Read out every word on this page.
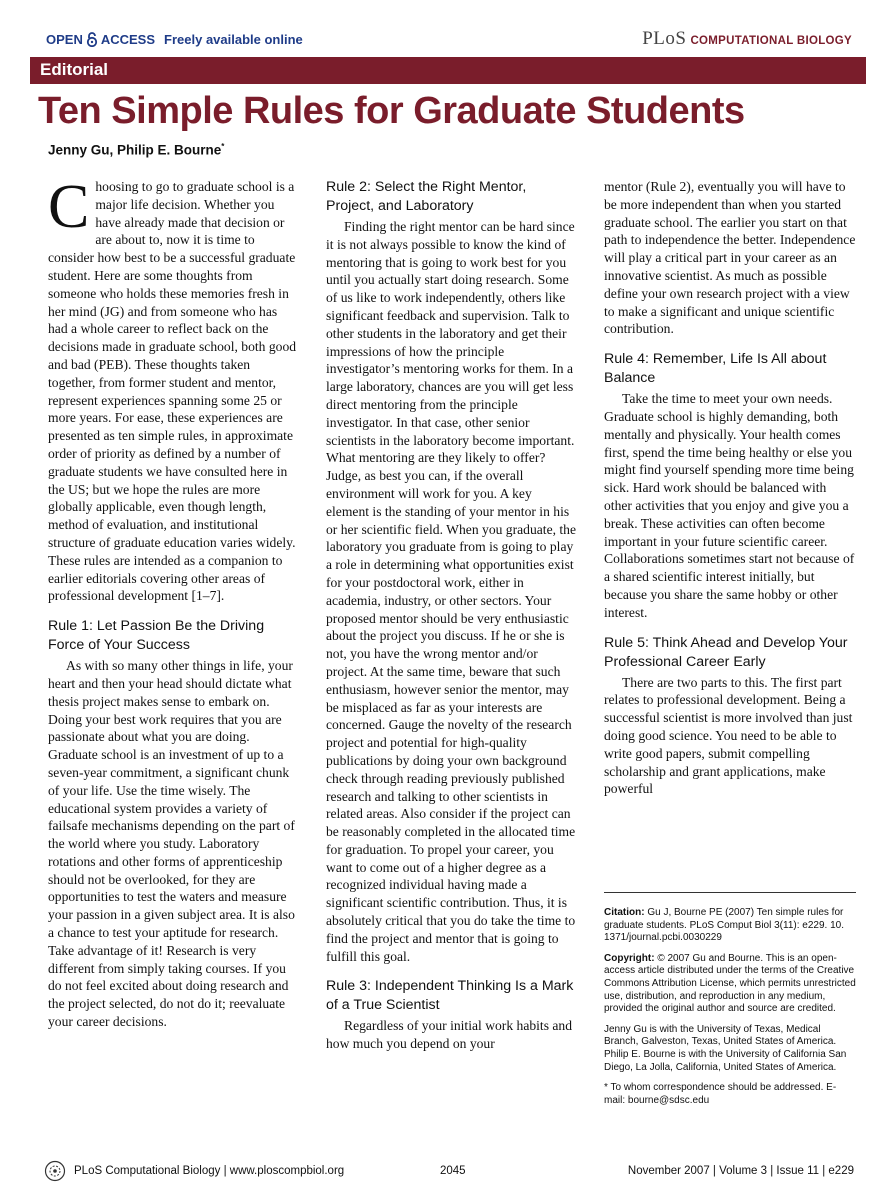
OPEN ACCESS Freely available online	PLoS COMPUTATIONAL BIOLOGY
Editorial
Ten Simple Rules for Graduate Students
Jenny Gu, Philip E. Bourne*

Choosing to go to graduate school is a major life decision. Whether you have already made that decision or are about to, now it is time to consider how best to be a successful graduate student. Here are some thoughts from someone who holds these memories fresh in her mind (JG) and from someone who has had a whole career to reflect back on the decisions made in graduate school, both good and bad (PEB). These thoughts taken together, from former student and mentor, represent experiences spanning some 25 or more years. For ease, these experiences are presented as ten simple rules, in approximate order of priority as defined by a number of graduate students we have consulted here in the US; but we hope the rules are more globally applicable, even though length, method of evaluation, and institutional structure of graduate education varies widely. These rules are intended as a companion to earlier editorials covering other areas of professional development [1–7].

Rule 1: Let Passion Be the Driving Force of Your Success

As with so many other things in life, your heart and then your head should dictate what thesis project makes sense to embark on. Doing your best work requires that you are passionate about what you are doing. Graduate school is an investment of up to a seven-year commitment, a significant chunk of your life. Use the time wisely. The educational system provides a variety of failsafe mechanisms depending on the part of the world where you study. Laboratory rotations and other forms of apprenticeship should not be overlooked, for they are opportunities to test the waters and measure your passion in a given subject area. It is also a chance to test your aptitude for research. Take advantage of it! Research is very different from simply taking courses. If you do not feel excited about doing research and the project selected, do not do it; reevaluate your career decisions.

Rule 2: Select the Right Mentor, Project, and Laboratory

Finding the right mentor can be hard since it is not always possible to know the kind of mentoring that is going to work best for you until you actually start doing research. Some of us like to work independently, others like significant feedback and supervision. Talk to other students in the laboratory and get their impressions of how the principle investigator’s mentoring works for them. In a large laboratory, chances are you will get less direct mentoring from the principle investigator. In that case, other senior scientists in the laboratory become important. What mentoring are they likely to offer? Judge, as best you can, if the overall environment will work for you. A key element is the standing of your mentor in his or her scientific field. When you graduate, the laboratory you graduate from is going to play a role in determining what opportunities exist for your postdoctoral work, either in academia, industry, or other sectors. Your proposed mentor should be very enthusiastic about the project you discuss. If he or she is not, you have the wrong mentor and/or project. At the same time, beware that such enthusiasm, however senior the mentor, may be misplaced as far as your interests are concerned. Gauge the novelty of the research project and potential for high-quality publications by doing your own background check through reading previously published research and talking to other scientists in related areas. Also consider if the project can be reasonably completed in the allocated time for graduation. To propel your career, you want to come out of a higher degree as a recognized individual having made a significant scientific contribution. Thus, it is absolutely critical that you do take the time to find the project and mentor that is going to fulfill this goal.

Rule 3: Independent Thinking Is a Mark of a True Scientist

Regardless of your initial work habits and how much you depend on your

mentor (Rule 2), eventually you will have to be more independent than when you started graduate school. The earlier you start on that path to independence the better. Independence will play a critical part in your career as an innovative scientist. As much as possible define your own research project with a view to make a significant and unique scientific contribution.

Rule 4: Remember, Life Is All about Balance

Take the time to meet your own needs. Graduate school is highly demanding, both mentally and physically. Your health comes first, spend the time being healthy or else you might find yourself spending more time being sick. Hard work should be balanced with other activities that you enjoy and give you a break. These activities can often become important in your future scientific career. Collaborations sometimes start not because of a shared scientific interest initially, but because you share the same hobby or other interest.

Rule 5: Think Ahead and Develop Your Professional Career Early

There are two parts to this. The first part relates to professional development. Being a successful scientist is more involved than just doing good science. You need to be able to write good papers, submit compelling scholarship and grant applications, make powerful

Citation: Gu J, Bourne PE (2007) Ten simple rules for graduate students. PLoS Comput Biol 3(11): e229. 10. 1371/journal.pcbi.0030229

Copyright: © 2007 Gu and Bourne. This is an open-access article distributed under the terms of the Creative Commons Attribution License, which permits unrestricted use, distribution, and reproduction in any medium, provided the original author and source are credited.

Jenny Gu is with the University of Texas, Medical Branch, Galveston, Texas, United States of America. Philip E. Bourne is with the University of California San Diego, La Jolla, California, United States of America.

* To whom correspondence should be addressed. E-mail: bourne@sdsc.edu

PLoS Computational Biology | www.ploscompbiol.org	2045	November 2007 | Volume 3 | Issue 11 | e229
